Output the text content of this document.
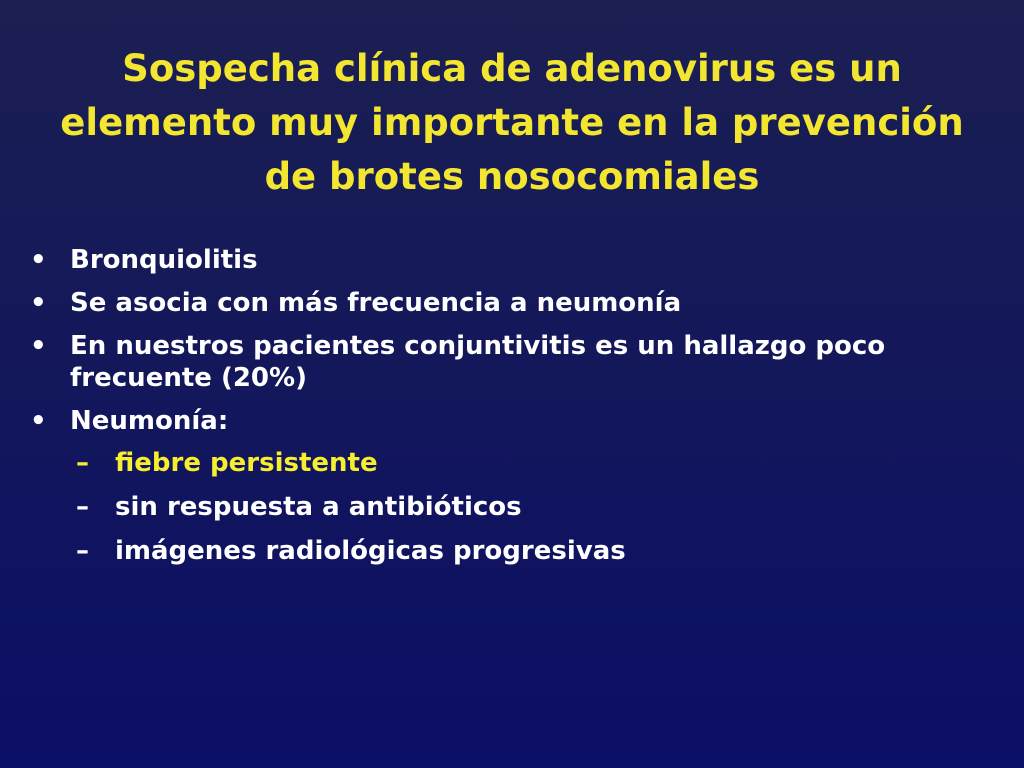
Sospecha clínica de adenovirus es un elemento muy importante en la prevención de brotes nosocomiales
• Bronquiolitis
• Se asocia con más frecuencia a neumonía
• En nuestros pacientes conjuntivitis es un hallazgo poco frecuente (20%)
• Neumonía:
– fiebre persistente
– sin respuesta a antibióticos
– imágenes radiológicas progresivas
